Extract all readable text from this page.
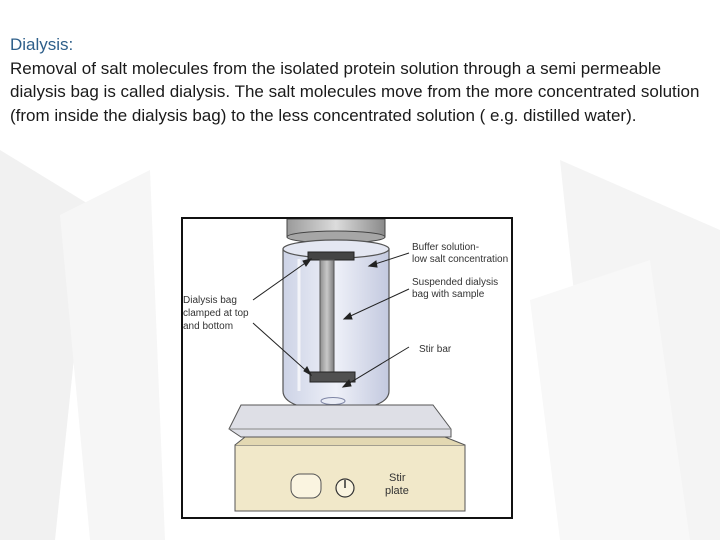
Dialysis:
Removal of salt molecules from the isolated protein solution through a semi permeable dialysis bag is called dialysis. The salt molecules move from the more concentrated solution (from inside the dialysis bag) to the less concentrated solution ( e.g. distilled water).
Buffer solution-
low salt concentration
Suspended dialysis
bag with sample
Dialysis bag
clamped at top
and bottom
Stir bar
Stir
plate
